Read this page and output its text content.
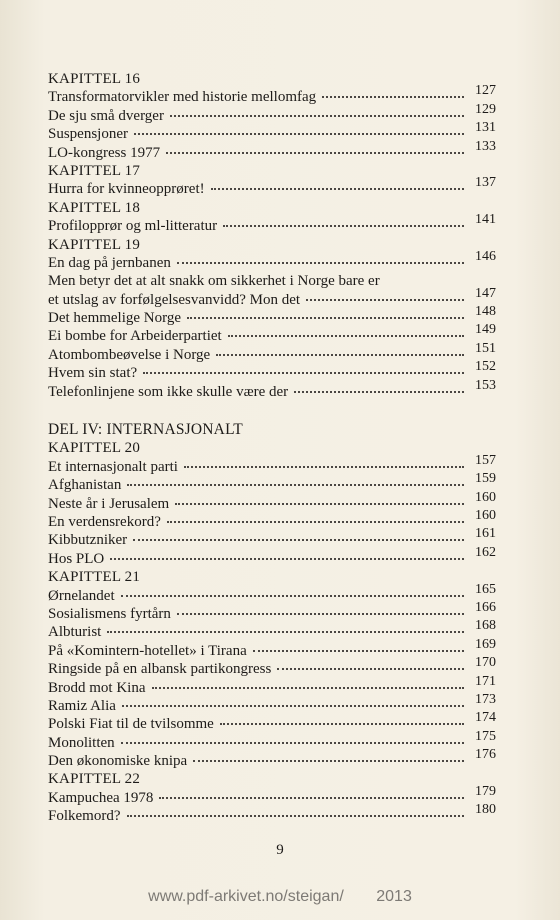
KAPITTEL 16
Transformatorvikler med historie mellomfag	127
De sju små dverger	129
Suspensjoner	131
LO-kongress 1977	133
KAPITTEL 17
Hurra for kvinneopprøret!	137
KAPITTEL 18
Profilopprør og ml-litteratur	141
KAPITTEL 19
En dag på jernbanen	146
Men betyr det at alt snakk om sikkerhet i Norge bare er
et utslag av forfølgelsesvanvidd? Mon det	147
Det hemmelige Norge	148
Ei bombe for Arbeiderpartiet	149
Atombombeøvelse i Norge	151
Hvem sin stat?	152
Telefonlinjene som ikke skulle være der	153
DEL IV: INTERNASJONALT
KAPITTEL 20
Et internasjonalt parti	157
Afghanistan	159
Neste år i Jerusalem	160
En verdensrekord?	160
Kibbutzniker	161
Hos PLO	162
KAPITTEL 21
Ørnelandet	165
Sosialismens fyrtårn	166
Albturist	168
På «Komintern-hotellet» i Tirana	169
Ringside på en albansk partikongress	170
Brodd mot Kina	171
Ramiz Alia	173
Polski Fiat til de tvilsomme	174
Monolitten	175
Den økonomiske knipa	176
KAPITTEL 22
Kampuchea 1978	179
Folkemord?	180
9
www.pdf-arkivet.no/steigan/ 2013
